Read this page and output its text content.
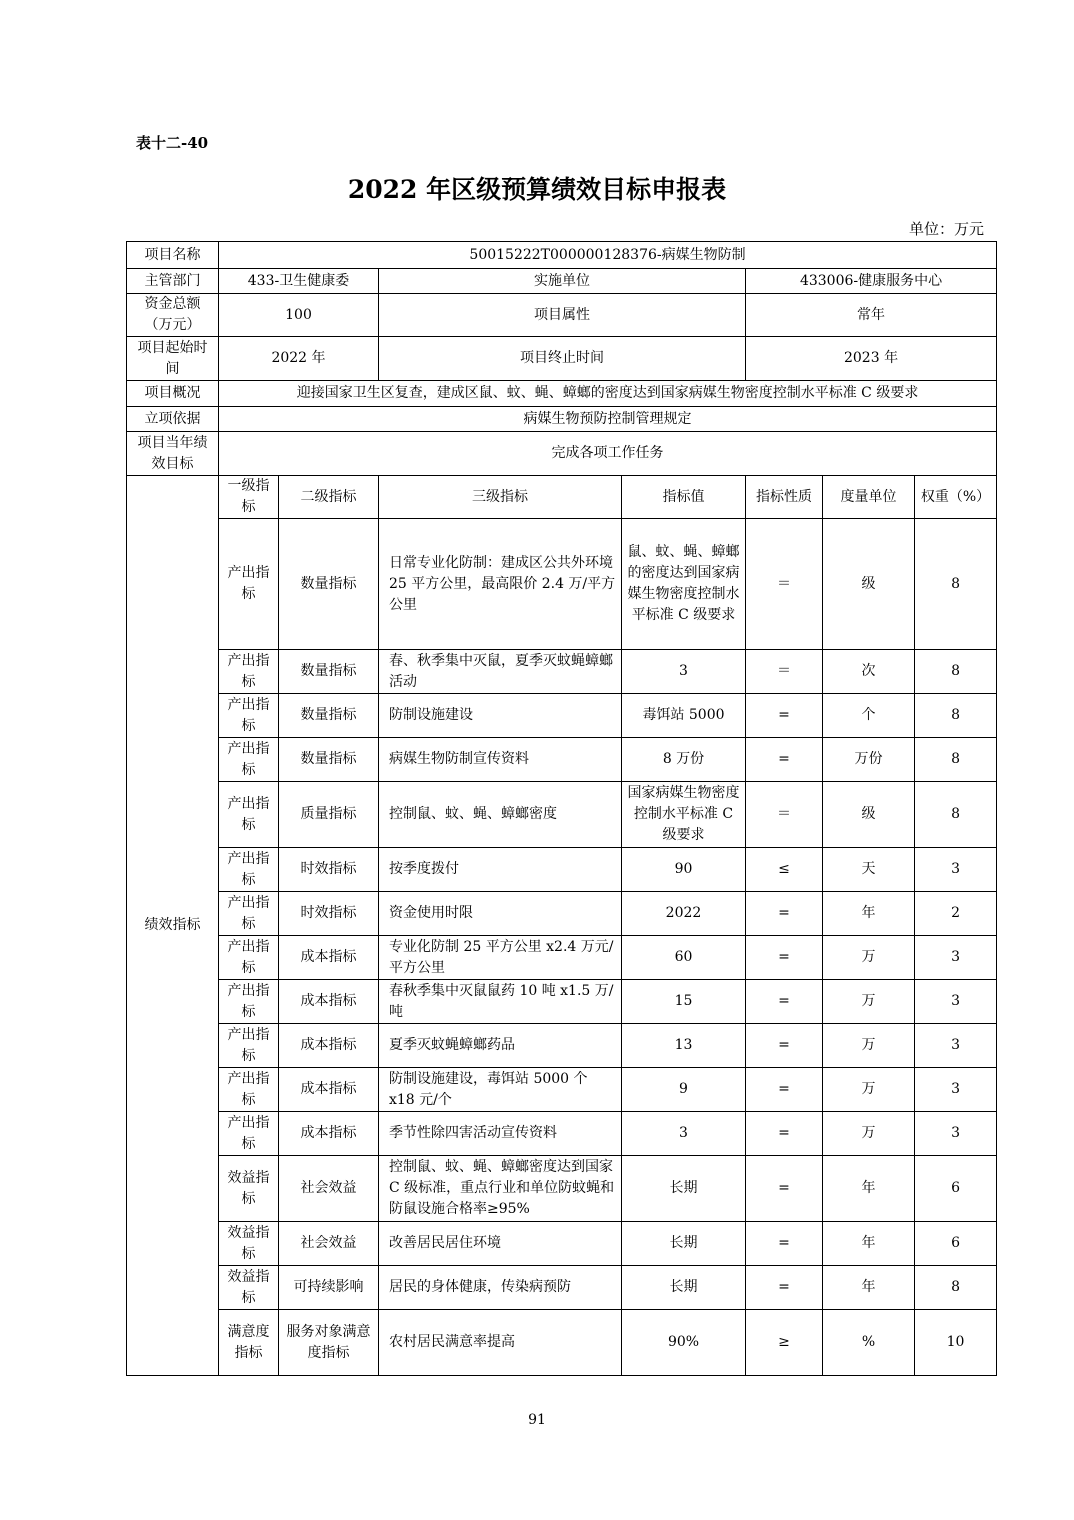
表十二-40
2022 年区级预算绩效目标申报表
单位：万元
项目名称	50015222T000000128376-病媒生物防制						
主管部门	433-卫生健康委		实施单位		433006-健康服务中心		
资金总额（万元）	100		项目属性		常年		
项目起始时间	2022 年		项目终止时间		2023 年		
项目概况	迎接国家卫生区复查，建成区鼠、蚊、蝇、蟑螂的密度达到国家病媒生物密度控制水平标准 C 级要求						
立项依据	病媒生物预防控制管理规定						
项目当年绩效目标	完成各项工作任务						
绩效指标	一级指标	二级指标	三级指标	指标值	指标性质	度量单位	权重（%）
	产出指标	数量指标	日常专业化防制：建成区公共外环境 25 平方公里，最高限价 2.4 万/平方公里	鼠、蚊、蝇、蟑螂的密度达到国家病媒生物密度控制水平标准 C 级要求	＝	级	8
	产出指标	数量指标	春、秋季集中灭鼠，夏季灭蚊蝇蟑螂活动	3	＝	次	8
	产出指标	数量指标	防制设施建设	毒饵站 5000	=	个	8
	产出指标	数量指标	病媒生物防制宣传资料	8 万份	=	万份	8
	产出指标	质量指标	控制鼠、蚊、蝇、蟑螂密度	国家病媒生物密度控制水平标准 C 级要求	＝	级	8
	产出指标	时效指标	按季度拨付	90	≤	天	3
	产出指标	时效指标	资金使用时限	2022	=	年	2
	产出指标	成本指标	专业化防制 25 平方公里 x2.4 万元/平方公里	60	=	万	3
	产出指标	成本指标	春秋季集中灭鼠鼠药 10 吨 x1.5 万/吨	15	=	万	3
	产出指标	成本指标	夏季灭蚊蝇蟑螂药品	13	=	万	3
	产出指标	成本指标	防制设施建设，毒饵站 5000 个 x18 元/个	9	=	万	3
	产出指标	成本指标	季节性除四害活动宣传资料	3	=	万	3
	效益指标	社会效益	控制鼠、蚊、蝇、蟑螂密度达到国家 C 级标准，重点行业和单位防蚊蝇和防鼠设施合格率≥95%	长期	=	年	6
	效益指标	社会效益	改善居民居住环境	长期	=	年	6
	效益指标	可持续影响	居民的身体健康，传染病预防	长期	=	年	8
	满意度指标	服务对象满意度指标	农村居民满意率提高	90%	≥	%	10
91
